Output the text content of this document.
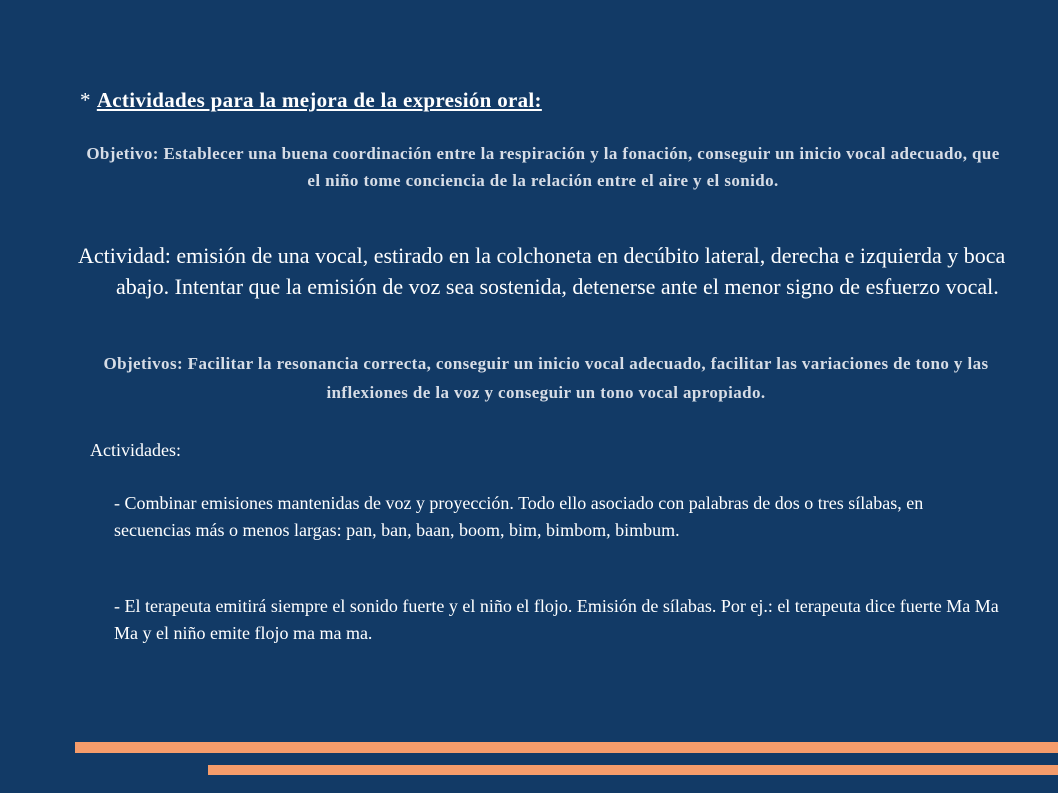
* Actividades para la mejora de la expresión oral:
Objetivo: Establecer una buena coordinación entre la respiración y la fonación, conseguir un inicio vocal adecuado, que el niño tome conciencia de la relación entre el aire y el sonido.
Actividad: emisión de una vocal, estirado en la colchoneta en decúbito lateral, derecha e izquierda y boca abajo. Intentar que la emisión de voz sea sostenida, detenerse ante el menor signo de esfuerzo vocal.
Objetivos: Facilitar la resonancia correcta, conseguir un inicio vocal adecuado, facilitar las variaciones de tono y las inflexiones de la voz y conseguir un tono vocal apropiado.
Actividades:
- Combinar emisiones mantenidas de voz y proyección. Todo ello asociado con palabras de dos o tres sílabas, en secuencias más o menos largas: pan, ban, baan, boom, bim, bimbom, bimbum.
- El terapeuta emitirá siempre el sonido fuerte y el niño el flojo. Emisión de sílabas. Por ej.: el terapeuta dice fuerte Ma Ma Ma y el niño emite flojo ma ma ma.
